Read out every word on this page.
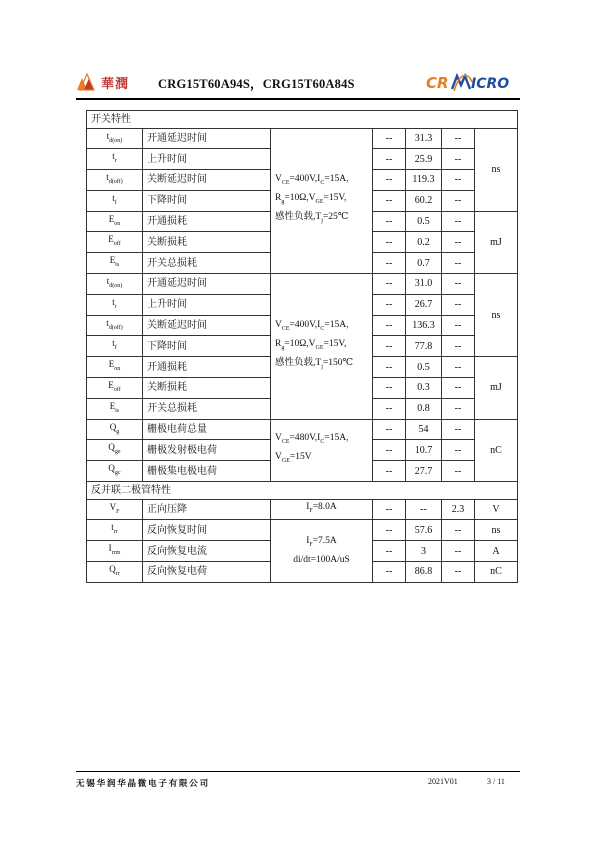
華潤 CRG15T60A94S，CRG15T60A84S	CR ICRO
开关特性						
$t_{d(on)}$	开通延迟时间	$V_{CE}=400V,I_C=15A$,
$R_g=10\Omega,V_{GE}=15V$,
感性负载$,T_j=25℃$	--	31.3	--	ns
$t_r$	上升时间		--	25.9	--	
$t_{d(off)}$	关断延迟时间		--	119.3	--	
$t_f$	下降时间		--	60.2	--	
$E_{on}$	开通损耗		--	0.5	--	mJ
$E_{off}$	关断损耗		--	0.2	--	
$E_{ts}$	开关总损耗		--	0.7	--	
$t_{d(on)}$	开通延迟时间	$V_{CE}=400V,I_C=15A$,
$R_g=10\Omega,V_{GE}=15V$,
感性负载$,T_j=150℃$	--	31.0	--	ns
$t_r$	上升时间		--	26.7	--	
$t_{d(off)}$	关断延迟时间		--	136.3	--	
$t_f$	下降时间		--	77.8	--	
$E_{on}$	开通损耗		--	0.5	--	mJ
$E_{off}$	关断损耗		--	0.3	--	
$E_{ts}$	开关总损耗		--	0.8	--	
$Q_g$	栅极电荷总量	$V_{CE}=480V,I_C=15A$,
$V_{GE}=15V$	--	54	--	nC
$Q_{ge}$	栅极发射极电荷		--	10.7	--	
$Q_{gc}$	栅极集电极电荷		--	27.7	--	
反并联二极管特性						
$V_F$	正向压降	$I_F=8.0A$	--	--	2.3	V
$t_{rr}$	反向恢复时间	$I_F=7.5A$
di/dt=100A/uS	--	57.6	--	ns
$I_{rrm}$	反向恢复电流		--	3	--	A
$Q_{rr}$	反向恢复电荷		--	86.8	--	nC
无锡华润华晶微电子有限公司	2021V01	3 / 11
